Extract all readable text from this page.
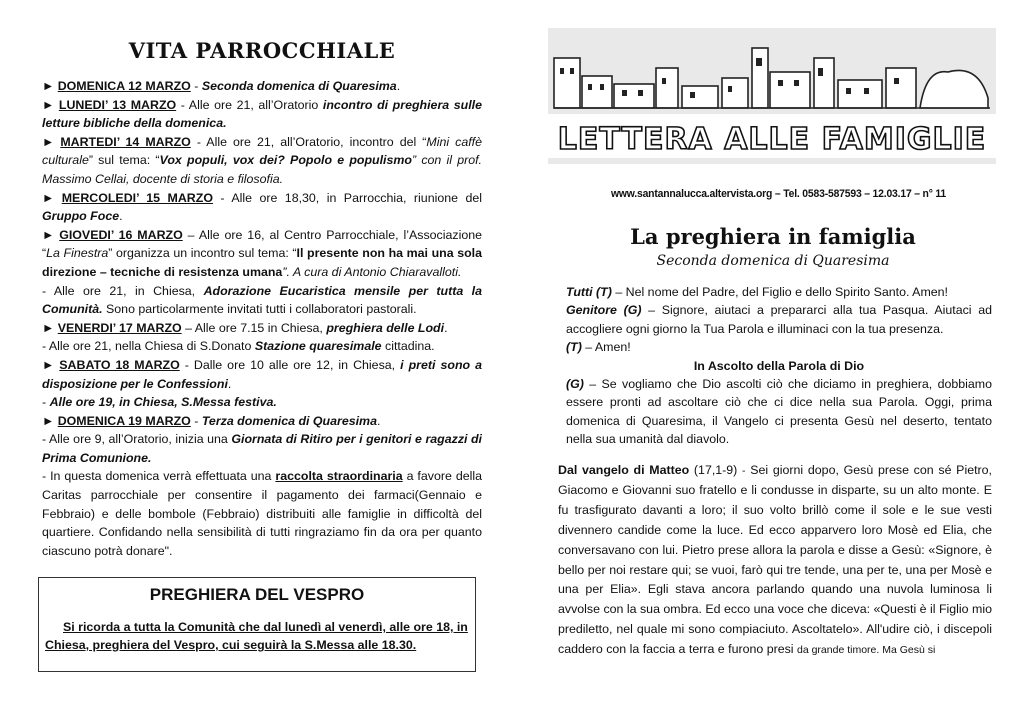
VITA PARROCCHIALE

► DOMENICA 12 MARZO - Seconda domenica di Quaresima.

► LUNEDI’ 13 MARZO - Alle ore 21, all’Oratorio incontro di preghiera sulle letture bibliche della domenica.

► MARTEDI’ 14 MARZO - Alle ore 21, all’Oratorio, incontro del “Mini caffè culturale” sul tema: “Vox populi, vox dei? Popolo e populismo” con il prof. Massimo Cellai, docente di storia e filosofia.

► MERCOLEDI’ 15 MARZO - Alle ore 18,30, in Parrocchia, riunione del Gruppo Foce.

► GIOVEDI’ 16 MARZO – Alle ore 16, al Centro Parrocchiale, l’Associazione “La Finestra” organizza un incontro sul tema: “Il presente non ha mai una sola direzione – tecniche di resistenza umana”. A cura di Antonio Chiaravalloti.

- Alle ore 21, in Chiesa, Adorazione Eucaristica mensile per tutta la Comunità. Sono particolarmente invitati tutti i collaboratori pastorali.

► VENERDI’ 17 MARZO – Alle ore 7.15 in Chiesa, preghiera delle Lodi.

- Alle ore 21, nella Chiesa di S.Donato Stazione quaresimale cittadina.

► SABATO 18 MARZO - Dalle ore 10 alle ore 12, in Chiesa, i preti sono a disposizione per le Confessioni.

- Alle ore 19, in Chiesa, S.Messa festiva.

► DOMENICA 19 MARZO - Terza domenica di Quaresima.

- Alle ore 9, all’Oratorio, inizia una Giornata di Ritiro per i genitori e ragazzi di Prima Comunione.

- In questa domenica verrà effettuata una raccolta straordinaria a favore della Caritas parrocchiale per consentire il pagamento dei farmaci(Gennaio e Febbraio) e delle bombole (Febbraio) distribuiti alle famiglie in difficoltà del quartiere. Confidando nella sensibilità di tutti ringraziamo fin da ora per quanto ciascuno potrà donare".

PREGHIERA DEL VESPRO
Si ricorda a tutta la Comunità che dal lunedì al venerdì, alle ore 18, in Chiesa, preghiera del Vespro, cui seguirà la S.Messa alle 18.30.
LETTERA ALLE FAMIGLIE
www.santannalucca.altervista.org – Tel. 0583-587593 – 12.03.17 – n° 11
La preghiera in famiglia
Seconda domenica di Quaresima

Tutti (T) – Nel nome del Padre, del Figlio e dello Spirito Santo. Amen!

Genitore (G) – Signore, aiutaci a prepararci alla tua Pasqua. Aiutaci ad accogliere ogni giorno la Tua Parola e illuminaci con la tua presenza.

(T) – Amen!

In Ascolto della Parola di Dio

(G) – Se vogliamo che Dio ascolti ciò che diciamo in preghiera, dobbiamo essere pronti ad ascoltare ciò che ci dice nella sua Parola. Oggi, prima domenica di Quaresima, il Vangelo ci presenta Gesù nel deserto, tentato nella sua umanità dal diavolo.

Dal vangelo di Matteo (17,1-9) - Sei giorni dopo, Gesù prese con sé Pietro, Giacomo e Giovanni suo fratello e li condusse in disparte, su un alto monte. E fu trasfigurato davanti a loro; il suo volto brillò come il sole e le sue vesti divennero candide come la luce. Ed ecco apparvero loro Mosè ed Elia, che conversavano con lui. Pietro prese allora la parola e disse a Gesù: «Signore, è bello per noi restare qui; se vuoi, farò qui tre tende, una per te, una per Mosè e una per Elia». Egli stava ancora parlando quando una nuvola luminosa li avvolse con la sua ombra. Ed ecco una voce che diceva: «Questi è il Figlio mio prediletto, nel quale mi sono compiaciuto. Ascoltatelo». All'udire ciò, i discepoli caddero con la faccia a terra e furono presi da grande timore. Ma Gesù si
